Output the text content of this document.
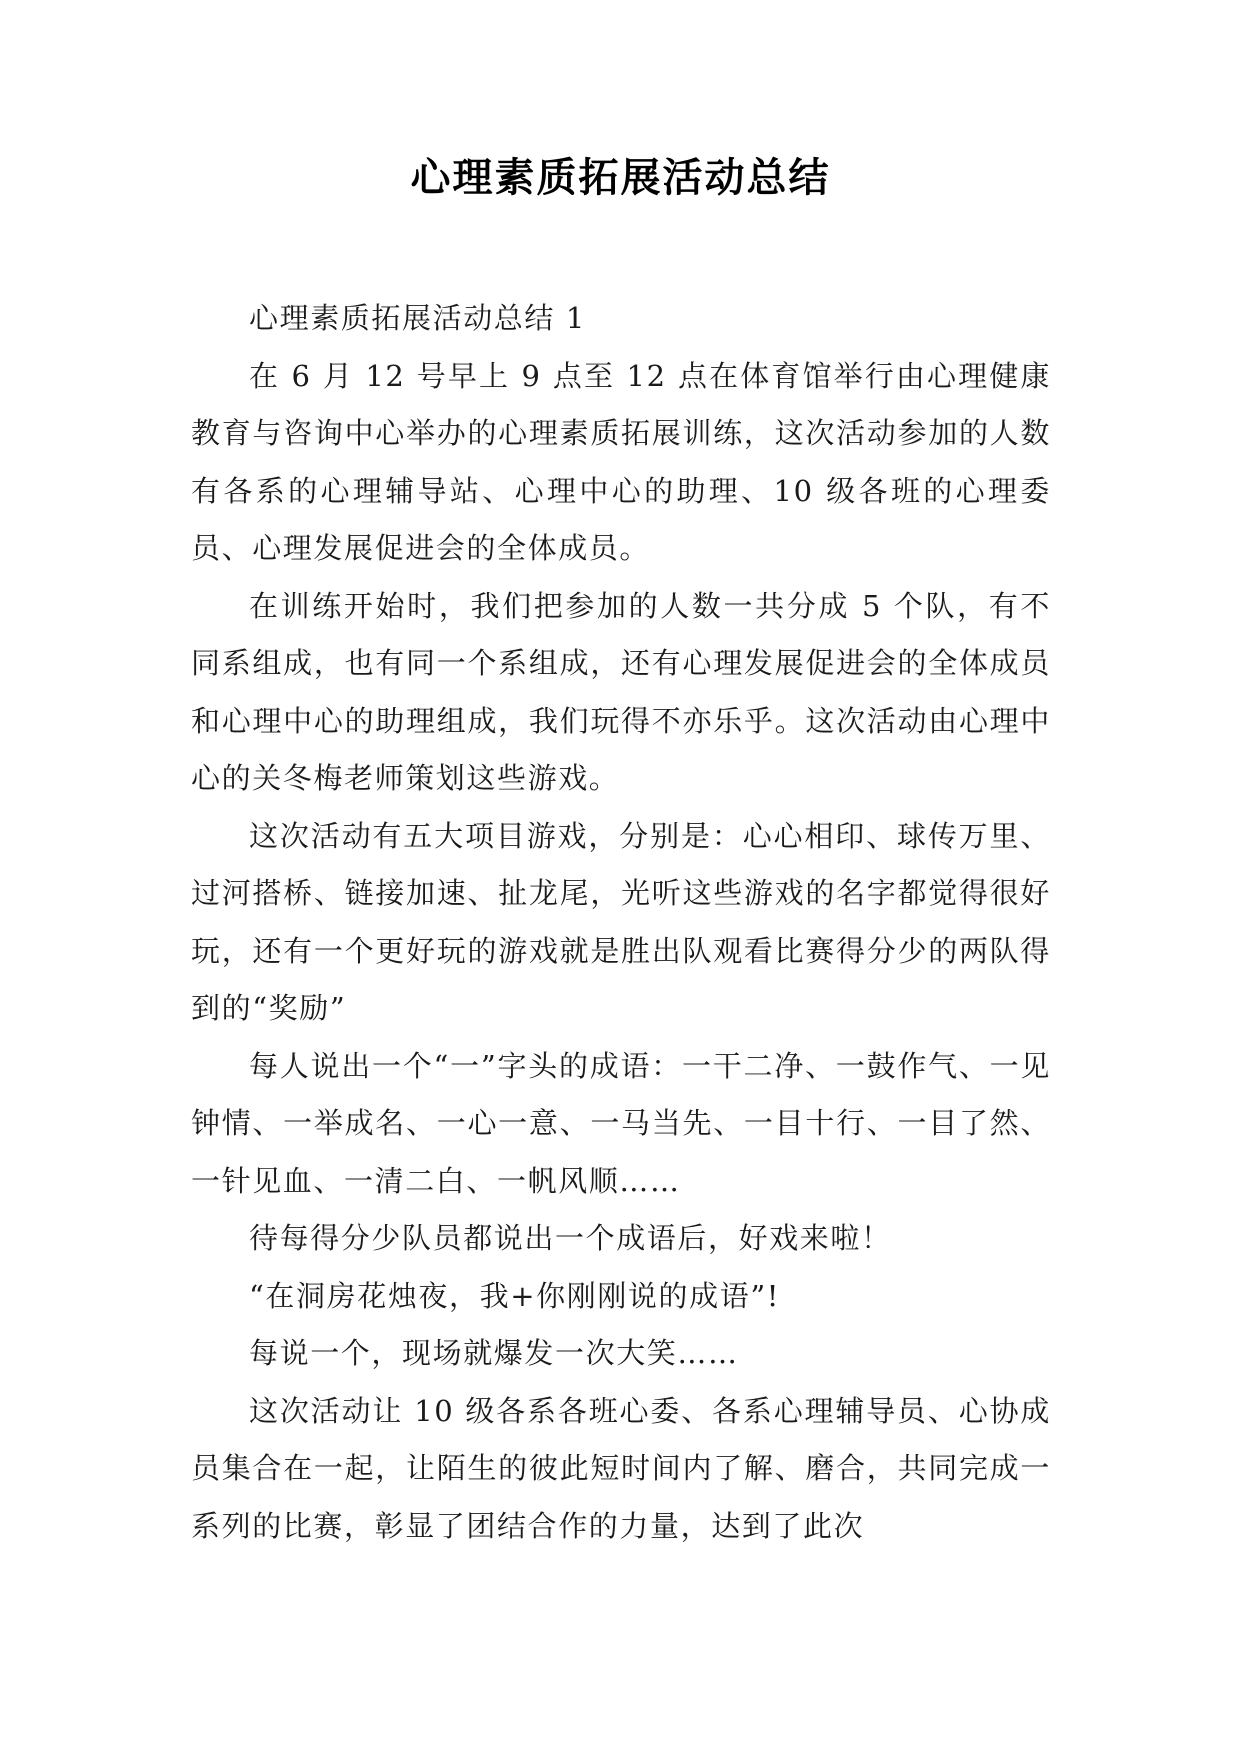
心理素质拓展活动总结

心理素质拓展活动总结 1

在 6 月 12 号早上 9 点至 12 点在体育馆举行由心理健康教育与咨询中心举办的心理素质拓展训练，这次活动参加的人数有各系的心理辅导站、心理中心的助理、10 级各班的心理委员、心理发展促进会的全体成员。

在训练开始时，我们把参加的人数一共分成 5 个队，有不同系组成，也有同一个系组成，还有心理发展促进会的全体成员和心理中心的助理组成，我们玩得不亦乐乎。这次活动由心理中心的关冬梅老师策划这些游戏。

这次活动有五大项目游戏，分别是：心心相印、球传万里、过河搭桥、链接加速、扯龙尾，光听这些游戏的名字都觉得很好玩，还有一个更好玩的游戏就是胜出队观看比赛得分少的两队得到的“奖励”

每人说出一个“一”字头的成语：一干二净、一鼓作气、一见钟情、一举成名、一心一意、一马当先、一目十行、一目了然、一针见血、一清二白、一帆风顺……

待每得分少队员都说出一个成语后，好戏来啦！

“在洞房花烛夜，我+你刚刚说的成语”!

每说一个，现场就爆发一次大笑……

这次活动让 10 级各系各班心委、各系心理辅导员、心协成员集合在一起，让陌生的彼此短时间内了解、磨合，共同完成一系列的比赛，彰显了团结合作的力量，达到了此次
